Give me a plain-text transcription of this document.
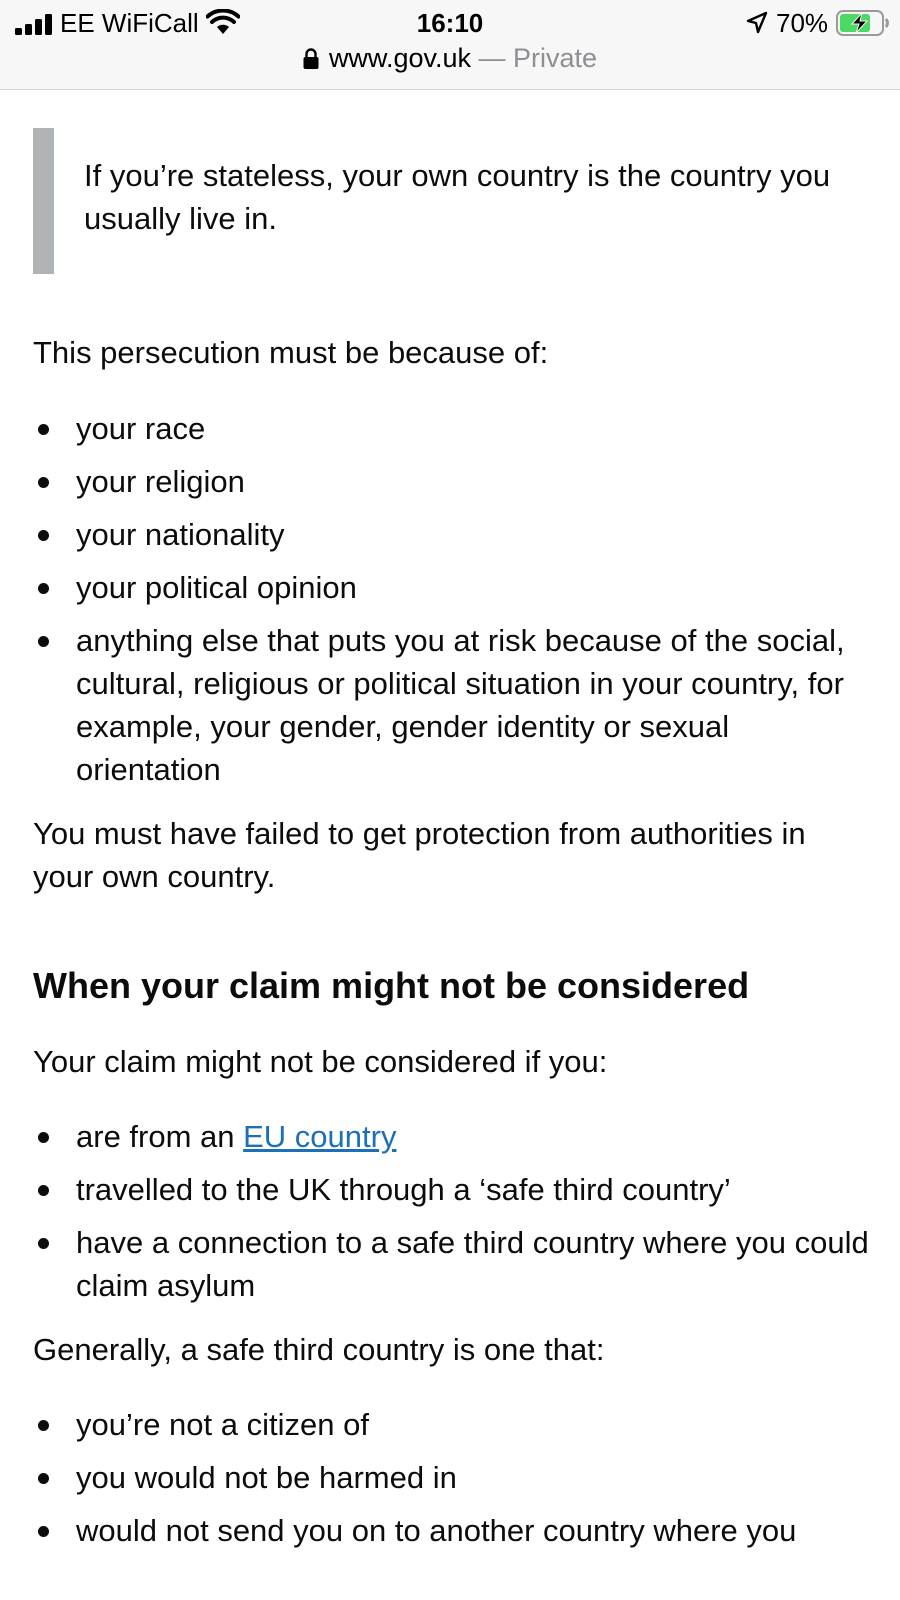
EE WiFiCall	16:10	70%
www.gov.uk — Private

If you’re stateless, your own country is the country you usually live in.

This persecution must be because of:

your race
your religion
your nationality
your political opinion
anything else that puts you at risk because of the social, cultural, religious or political situation in your country, for example, your gender, gender identity or sexual orientation

You must have failed to get protection from authorities in your own country.

When your claim might not be considered

Your claim might not be considered if you:

are from an EU country
travelled to the UK through a ‘safe third country’
have a connection to a safe third country where you could claim asylum

Generally, a safe third country is one that:

you’re not a citizen of
you would not be harmed in
would not send you on to another country where you
